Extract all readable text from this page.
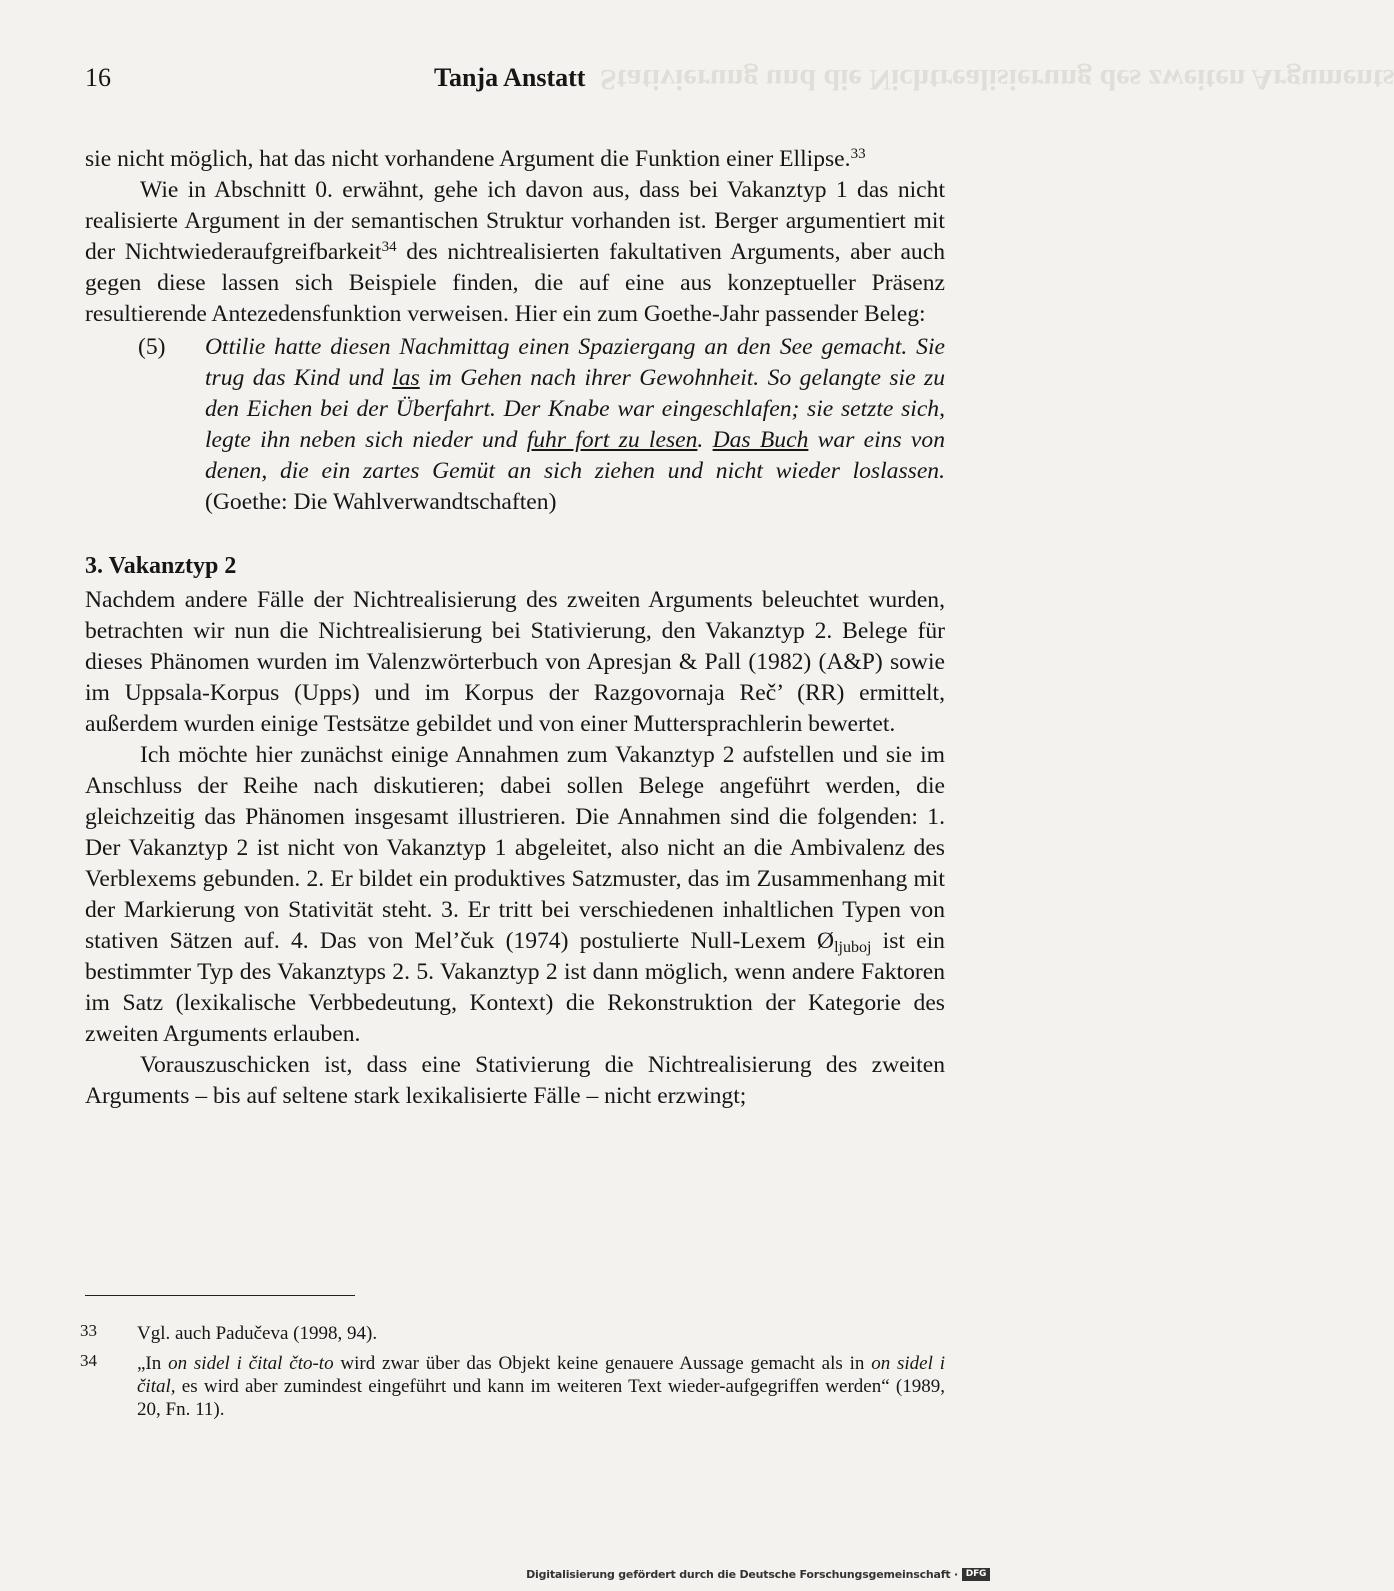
Stativierung und die Nichtrealisierung des zweiten Arguments
16	Tanja Anstatt

sie nicht möglich, hat das nicht vorhandene Argument die Funktion einer Ellipse.$^{33}$

Wie in Abschnitt 0. erwähnt, gehe ich davon aus, dass bei Vakanztyp 1 das nicht realisierte Argument in der semantischen Struktur vorhanden ist. Berger argumentiert mit der Nichtwiederaufgreifbarkeit$^{34}$ des nichtrealisierten fakultativen Arguments, aber auch gegen diese lassen sich Beispiele finden, die auf eine aus konzeptueller Präsenz resultierende Antezedensfunktion verweisen. Hier ein zum Goethe-Jahr passender Beleg:

(5) Ottilie hatte diesen Nachmittag einen Spaziergang an den See gemacht. Sie trug das Kind und las im Gehen nach ihrer Gewohnheit. So gelangte sie zu den Eichen bei der Überfahrt. Der Knabe war eingeschlafen; sie setzte sich, legte ihn neben sich nieder und fuhr fort zu lesen. Das Buch war eins von denen, die ein zartes Gemüt an sich ziehen und nicht wieder loslassen. (Goethe: Die Wahlverwandtschaften)
3. Vakanztyp 2

Nachdem andere Fälle der Nichtrealisierung des zweiten Arguments beleuchtet wurden, betrachten wir nun die Nichtrealisierung bei Stativierung, den Vakanztyp 2. Belege für dieses Phänomen wurden im Valenzwörterbuch von Apresjan & Pall (1982) (A&P) sowie im Uppsala-Korpus (Upps) und im Korpus der Razgovornaja Reč’ (RR) ermittelt, außerdem wurden einige Testsätze gebildet und von einer Muttersprachlerin bewertet.

Ich möchte hier zunächst einige Annahmen zum Vakanztyp 2 aufstellen und sie im Anschluss der Reihe nach diskutieren; dabei sollen Belege angeführt werden, die gleichzeitig das Phänomen insgesamt illustrieren. Die Annahmen sind die folgenden: 1. Der Vakanztyp 2 ist nicht von Vakanztyp 1 abgeleitet, also nicht an die Ambivalenz des Verblexems gebunden. 2. Er bildet ein produktives Satzmuster, das im Zusammenhang mit der Markierung von Stativität steht. 3. Er tritt bei verschiedenen inhaltlichen Typen von stativen Sätzen auf. 4. Das von Mel’čuk (1974) postulierte Null-Lexem $Ø_{ljuboj}$ ist ein bestimmter Typ des Vakanztyps 2. 5. Vakanztyp 2 ist dann möglich, wenn andere Faktoren im Satz (lexikalische Verbbedeutung, Kontext) die Rekonstruktion der Kategorie des zweiten Arguments erlauben.

Vorauszuschicken ist, dass eine Stativierung die Nichtrealisierung des zweiten Arguments – bis auf seltene stark lexikalisierte Fälle – nicht erzwingt;

33 Vgl. auch Padučeva (1998, 94).
34 „In on sidel i čital čto-to wird zwar über das Objekt keine genauere Aussage gemacht als in on sidel i čital, es wird aber zumindest eingeführt und kann im weiteren Text wieder-aufgegriffen werden“ (1989, 20, Fn. 11).
Digitalisierung gefördert durch die Deutsche Forschungsgemeinschaft · DFG
